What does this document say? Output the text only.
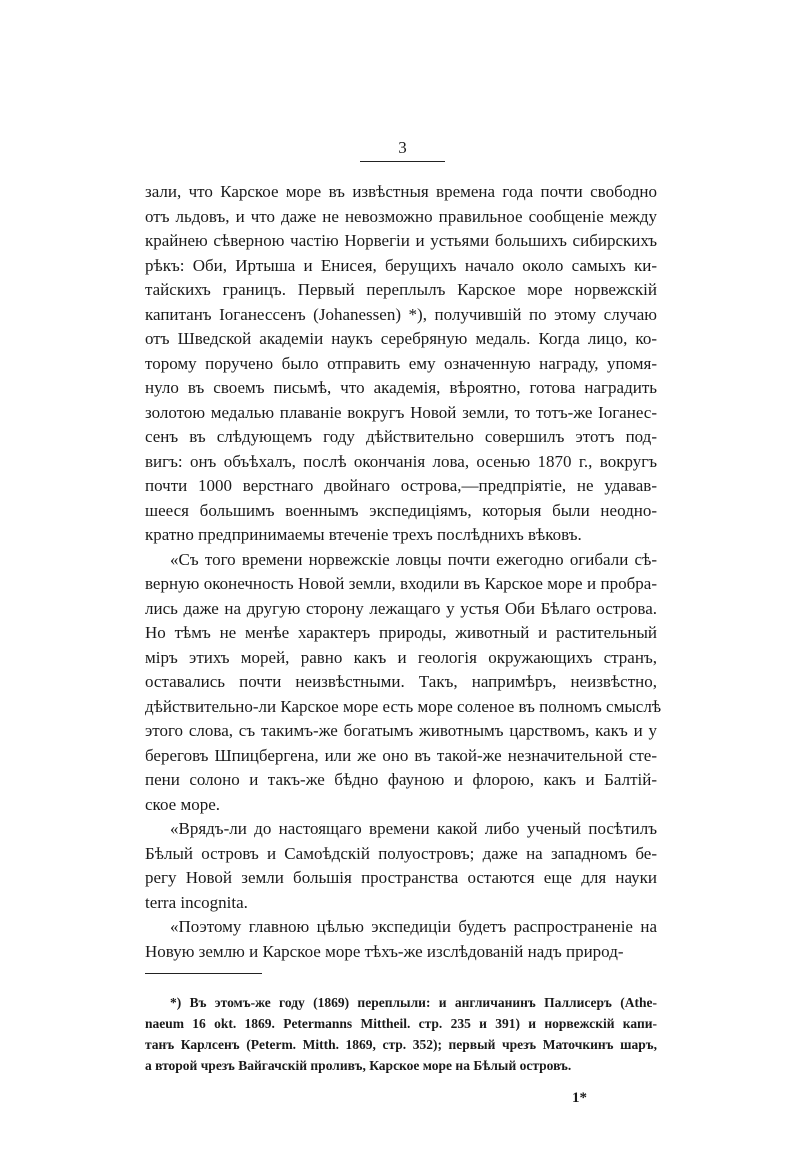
3
зали, что Карское море въ извѣстныя времена года почти свободно
отъ льдовъ, и что даже не невозможно правильное сообщеніе между
крайнею сѣверною частію Норвегіи и устьями большихъ сибирскихъ
рѣкъ: Оби, Иртыша и Енисея, берущихъ начало около самыхъ ки-
тайскихъ границъ. Первый переплылъ Карское море норвежскій
капитанъ Іоганессенъ (Johanessen) *), получившій по этому случаю
отъ Шведской академіи наукъ серебряную медаль. Когда лицо, ко-
торому поручено было отправить ему означенную награду, упомя-
нуло въ своемъ письмѣ, что академія, вѣроятно, готова наградить
золотою медалью плаваніе вокругъ Новой земли, то тотъ-же Іоганес-
сенъ въ слѣдующемъ году дѣйствительно совершилъ этотъ под-
вигъ: онъ объѣхалъ, послѣ окончанія лова, осенью 1870 г., вокругъ
почти 1000 верстнаго двойнаго острова,—предпріятіе, не удавав-
шееся большимъ военнымъ экспедиціямъ, которыя были неодно-
кратно предпринимаемы втеченіе трехъ послѣднихъ вѣковъ.
«Съ того времени норвежскіе ловцы почти ежегодно огибали сѣ-
верную оконечность Новой земли, входили въ Карское море и пробра-
лись даже на другую сторону лежащаго у устья Оби Бѣлаго острова.
Но тѣмъ не менѣе характеръ природы, животный и растительный
міръ этихъ морей, равно какъ и геологія окружающихъ странъ,
оставались почти неизвѣстными. Такъ, напримѣръ, неизвѣстно,
дѣйствительно-ли Карское море есть море соленое въ полномъ смыслѣ
этого слова, съ такимъ-же богатымъ животнымъ царствомъ, какъ и у
береговъ Шпицбергена, или же оно въ такой-же незначительной сте-
пени солоно и такъ-же бѣдно фауною и флорою, какъ и Балтій-
ское море.
«Врядъ-ли до настоящаго времени какой либо ученый посѣтилъ
Бѣлый островъ и Самоѣдскій полуостровъ; даже на западномъ бе-
регу Новой земли большія пространства остаются еще для науки
terra incognita.
«Поэтому главною цѣлью экспедиціи будетъ распространеніе на
Новую землю и Карское море тѣхъ-же изслѣдованій надъ природ-
*) Въ этомъ-же году (1869) переплыли: и англичанинъ Паллисеръ (Athe-
naeum 16 okt. 1869. Petermanns Mittheil. стр. 235 и 391) и норвежскій капи-
танъ Карлсенъ (Peterm. Mitth. 1869, стр. 352); первый чрезъ Маточкинъ шаръ,
а второй чрезъ Вайгачскій проливъ, Карское море на Бѣлый островъ.
1*
